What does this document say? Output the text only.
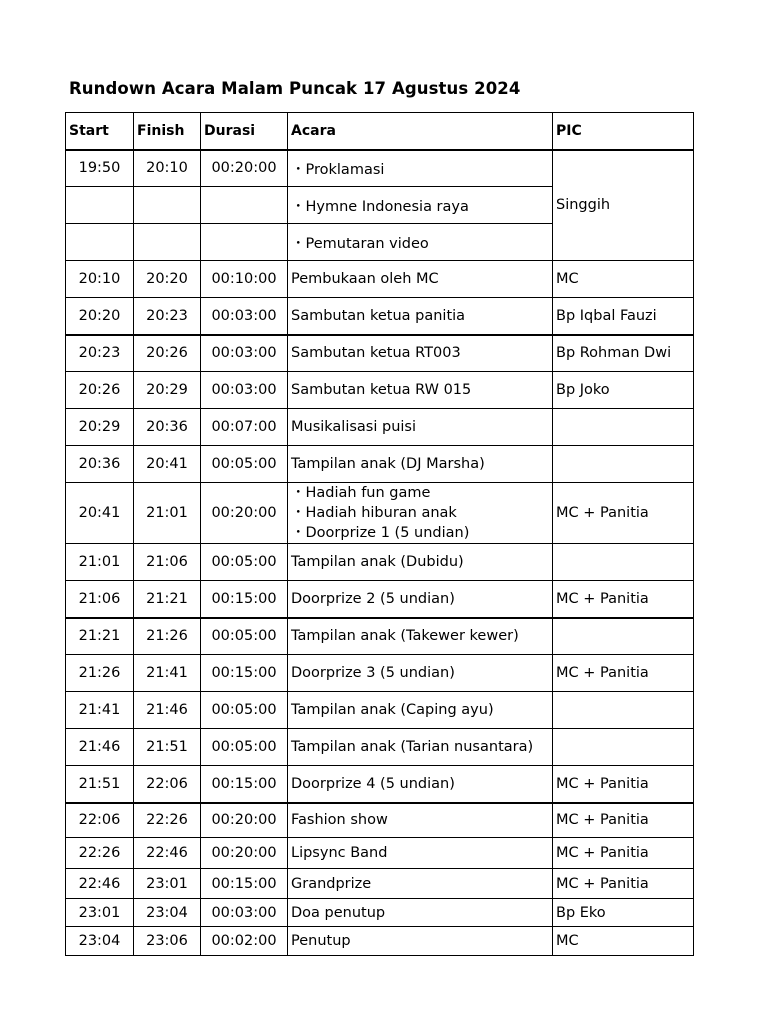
Rundown Acara Malam Puncak 17 Agustus 2024
Start	Finish	Durasi	Acara	PIC
19:50	20:10	00:20:00	・Proklamasi	Singgih
			・Hymne Indonesia raya	
			・Pemutaran video	
20:10	20:20	00:10:00	Pembukaan oleh MC	MC
20:20	20:23	00:03:00	Sambutan ketua panitia	Bp Iqbal Fauzi
20:23	20:26	00:03:00	Sambutan ketua RT003	Bp Rohman Dwi
20:26	20:29	00:03:00	Sambutan ketua RW 015	Bp Joko
20:29	20:36	00:07:00	Musikalisasi puisi	
20:36	20:41	00:05:00	Tampilan anak (DJ Marsha)	
20:41	21:01	00:20:00	・Hadiah fun game
・Hadiah hiburan anak
・Doorprize 1 (5 undian)	MC + Panitia
21:01	21:06	00:05:00	Tampilan anak (Dubidu)	
21:06	21:21	00:15:00	Doorprize 2 (5 undian)	MC + Panitia
21:21	21:26	00:05:00	Tampilan anak (Takewer kewer)	
21:26	21:41	00:15:00	Doorprize 3 (5 undian)	MC + Panitia
21:41	21:46	00:05:00	Tampilan anak (Caping ayu)	
21:46	21:51	00:05:00	Tampilan anak (Tarian nusantara)	
21:51	22:06	00:15:00	Doorprize 4 (5 undian)	MC + Panitia
22:06	22:26	00:20:00	Fashion show	MC + Panitia
22:26	22:46	00:20:00	Lipsync Band	MC + Panitia
22:46	23:01	00:15:00	Grandprize	MC + Panitia
23:01	23:04	00:03:00	Doa penutup	Bp Eko
23:04	23:06	00:02:00	Penutup	MC
